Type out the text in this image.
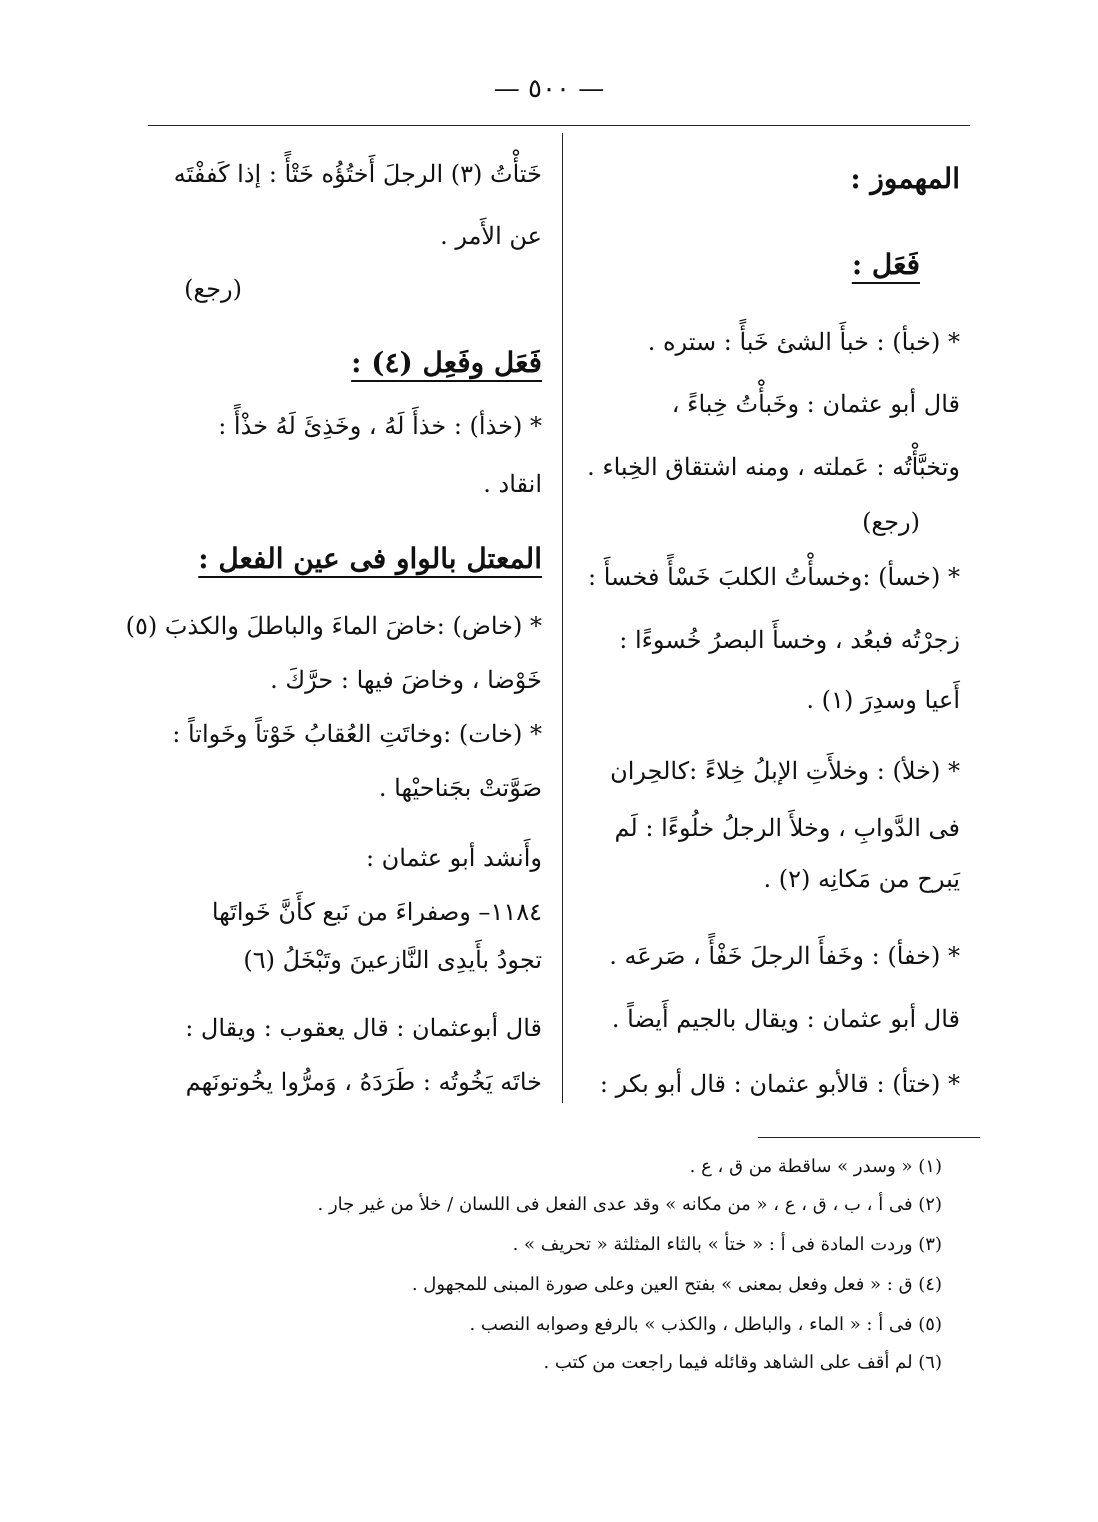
— ٥٠٠ —
المهموز :
فَعَل :
* (خبأ) : خبأَ الشئ خَبأً : ستره .
قال أبو عثمان : وخَبأْتُ خِباءً ،
وتخبَّأْتُه : عَملته ، ومنه اشتقاق الخِباء .
(رجع)
* (خسأ) :وخسأْتُ الكلبَ خَسْأً فخسأَ :
زجرْتُه فبعُد ، وخسأَ البصرُ خُسوءًا :
أَعيا وسدِرَ (١) .
* (خلأ) : وخلأَتِ الإبلُ خِلاءً :كالحِران
فى الدَّوابِ ، وخلأَ الرجلُ خلُوءًا : لَم
يَبرح من مَكانِه (٢) .
* (خفأ) : وخَفأَ الرجلَ خَفْأً ، صَرعَه .
قال أبو عثمان : ويقال بالجيم أَيضاً .
* (ختأ) : قالأبو عثمان : قال أبو بكر :
خَتأْتُ (٣) الرجلَ أَختُؤُه خَتْأً : إذا كَففْتَه
عن الأَمر .
(رجع)
فَعَل وفَعِل (٤) :
* (خذأ) : خذأَ لَهُ ، وخَذِئَ لَهُ خذْأً :
انقاد .
المعتل بالواو فى عين الفعل :
* (خاض) :خاضَ الماءَ والباطلَ والكذبَ (٥)
خَوْضا ، وخاضَ فيها : حرَّكَ .
* (خات) :وخاتَتِ العُقابُ خَوْتاً وخَواتاً :
صَوَّتتْ بجَناحيْها .
وأَنشد أبو عثمان :
١١٨٤– وصفراءَ من نَبع كأَنَّ خَواتَها
تجودُ بأَيدِى النَّازعينَ وتَبْخَلُ (٦)
قال أبوعثمان : قال يعقوب : ويقال :
خاتَه يَخُوتُه : طَرَدَهُ ، وَمرُّوا يخُوتونَهم
(١) « وسدر » ساقطة من ق ، ع .
(٢) فى أ ، ب ، ق ، ع ، « من مكانه » وقد عدى الفعل فى اللسان / خلأ من غير جار .
(٣) وردت المادة فى أ : « ختأ » بالثاء المثلثة « تحريف » .
(٤) ق : « فعل وفعل بمعنى » بفتح العين وعلى صورة المبنى للمجهول .
(٥) فى أ : « الماء ، والباطل ، والكذب » بالرفع وصوابه النصب .
(٦) لم أقف على الشاهد وقائله فيما راجعت من كتب .
